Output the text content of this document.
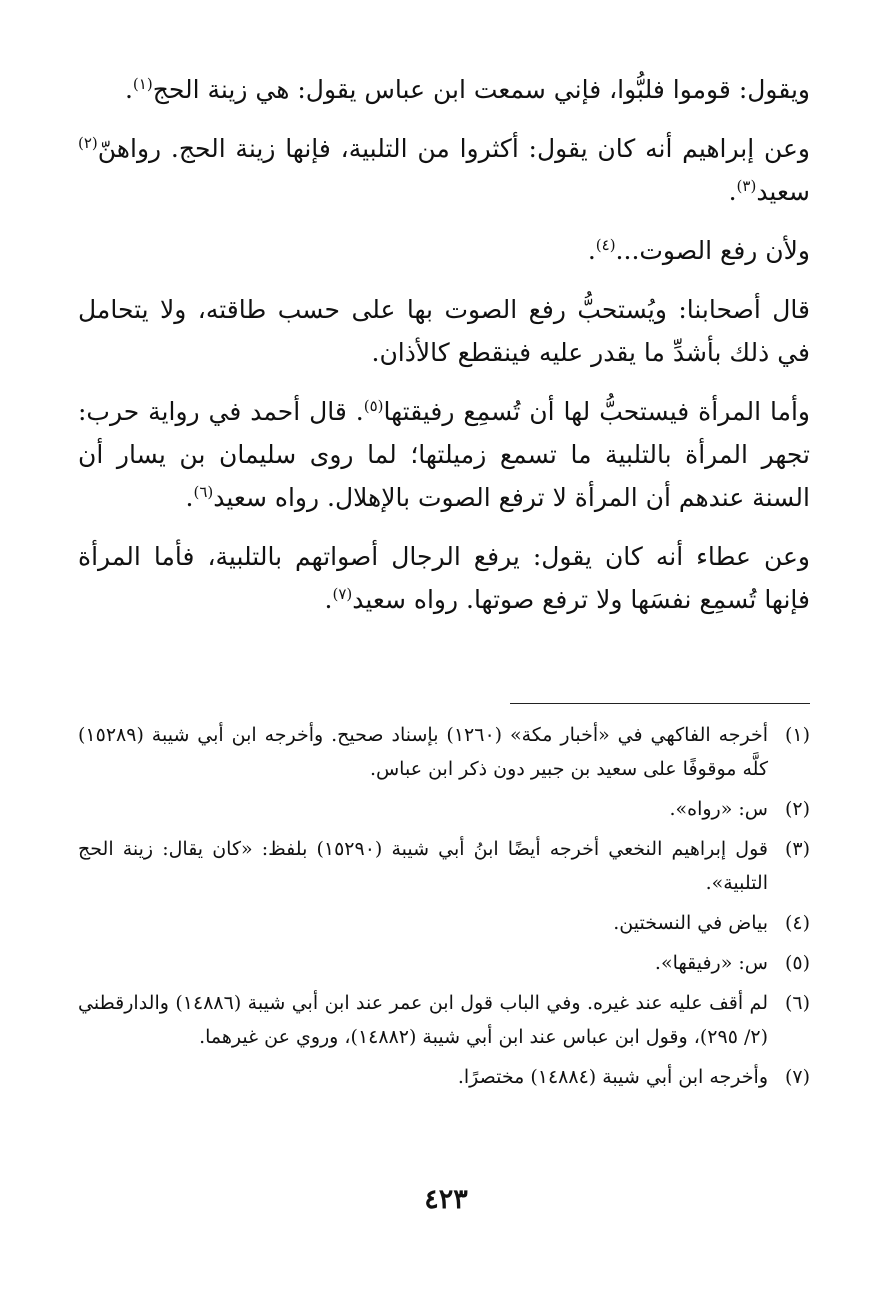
ويقول: قوموا فلبُّوا، فإني سمعت ابن عباس يقول: هي زينة الحج$^{(١)}$.

وعن إبراهيم أنه كان يقول: أكثروا من التلبية، فإنها زينة الحج. رواهنّ$^{(٢)}$ سعيد$^{(٣)}$.

ولأن رفع الصوت...$^{(٤)}$.

قال أصحابنا: ويُستحبُّ رفع الصوت بها على حسب طاقته، ولا يتحامل في ذلك بأشدِّ ما يقدر عليه فينقطع كالأذان.

وأما المرأة فيستحبُّ لها أن تُسمِع رفيقتها$^{(٥)}$. قال أحمد في رواية حرب: تجهر المرأة بالتلبية ما تسمع زميلتها؛ لما روى سليمان بن يسار أن السنة عندهم أن المرأة لا ترفع الصوت بالإهلال. رواه سعيد$^{(٦)}$.

وعن عطاء أنه كان يقول: يرفع الرجال أصواتهم بالتلبية، فأما المرأة فإنها تُسمِع نفسَها ولا ترفع صوتها. رواه سعيد$^{(٧)}$.

(١)
أخرجه الفاكهي في «أخبار مكة» (١٢٦٠) بإسناد صحيح. وأخرجه ابن أبي شيبة (١٥٢٨٩) كلَّه موقوفًا على سعيد بن جبير دون ذكر ابن عباس.
(٢)
س: «رواه».
(٣)
قول إبراهيم النخعي أخرجه أيضًا ابنُ أبي شيبة (١٥٢٩٠) بلفظ: «كان يقال: زينة الحج التلبية».
(٤)
بياض في النسختين.
(٥)
س: «رفيقها».
(٦)
لم أقف عليه عند غيره. وفي الباب قول ابن عمر عند ابن أبي شيبة (١٤٨٨٦) والدارقطني (٢/ ٢٩٥)، وقول ابن عباس عند ابن أبي شيبة (١٤٨٨٢)، وروي عن غيرهما.
(٧)
وأخرجه ابن أبي شيبة (١٤٨٨٤) مختصرًا.
٤٢٣
